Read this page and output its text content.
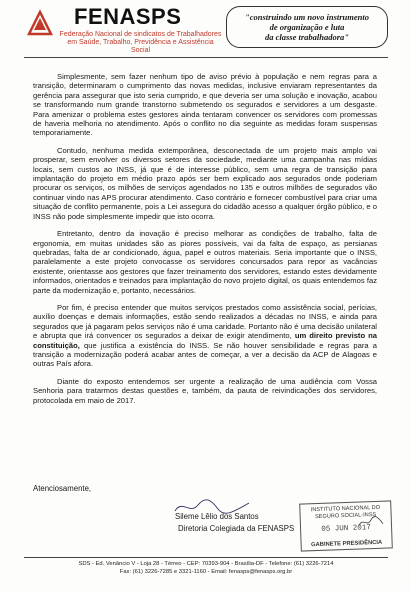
FENASPS
Federação Nacional de sindicatos de Trabalhadores
em Saúde, Trabalho, Previdência e Assistência Social
"construindo um novo instrumento
de organização e luta
da classe trabalhadora"

Simplesmente, sem fazer nenhum tipo de aviso prévio à população e nem regras para a transição, determinaram o cumprimento das novas medidas, inclusive enviaram representantes da gerência para assegurar que isto seria cumprido, e que deveria ser uma solução e inovação, acabou se transformando num grande transtorno submetendo os segurados e servidores a um desgaste. Para amenizar o problema estes gestores ainda tentaram convencer os servidores com promessas de haveria melhoria no atendimento. Após o conflito no dia seguinte as medidas foram suspensas temporariamente.

Contudo, nenhuma medida extemporânea, desconectada de um projeto mais amplo vai prosperar, sem envolver os diversos setores da sociedade, mediante uma campanha nas mídias locais, sem custos ao INSS, já que é de interesse público, sem uma regra de transição para implantação do projeto em médio prazo após ser bem explicado aos segurados onde poderiam procurar os serviços, os milhões de serviços agendados no 135 e outros milhões de segurados vão continuar vindo nas APS procurar atendimento. Caso contrário e fornecer combustível para criar uma situação de conflito permanente, pois a Lei assegura do cidadão acesso a qualquer órgão público, e o INSS não pode simplesmente impedir que isto ocorra.

Entretanto, dentro da inovação é preciso melhorar as condições de trabalho, falta de ergonomia, em muitas unidades são as piores possíveis, vai da falta de espaço, as persianas quebradas, falta de ar condicionado, água, papel e outros materiais. Seria importante que o INSS, paralelamente a este projeto convocasse os servidores concursados para repor as vacâncias existente, orientasse aos gestores que fazer treinamento dos servidores, estando estes devidamente informados, orientados e treinados para implantação do novo projeto digital, os quais entendemos faz parte da modernização e, portanto, necessários.

Por fim, é preciso entender que muitos serviços prestados como assistência social, perícias, auxílio doenças e demais informações, estão sendo realizados a décadas no INSS, e ainda para segurados que já pagaram pelos serviços não é uma caridade. Portanto não é uma decisão unilateral e abrupta que irá convencer os segurados a deixar de exigir atendimento, um direito previsto na constituição, que justifica a existência do INSS. Se não houver sensibilidade e regras para a transição a modernização poderá acabar antes de começar, a ver a decisão da ACP de Alagoas e outras País afora.

Diante do exposto entendemos ser urgente a realização de uma audiência com Vossa Senhoria para tratarmos destas questões e, também, da pauta de reivindicações dos servidores, protocolada em maio de 2017.

Atenciosamente,
Sileme Lêlio dos Santos
Diretoria Colegiada da FENASPS
INSTITUTO NACIONAL DO
SEGURO SOCIAL-INSS
05 JUN 2017
GABINETE PRESIDÊNCIA
SDS - Ed. Venâncio V - Loja 28 - Térreo - CEP: 70393-904 - Brasília-DF - Telefone: (61) 3226-7214
Fax: (61) 3226-7285 e 3321-1160 - Email: fenasps@fenasps.org.br
